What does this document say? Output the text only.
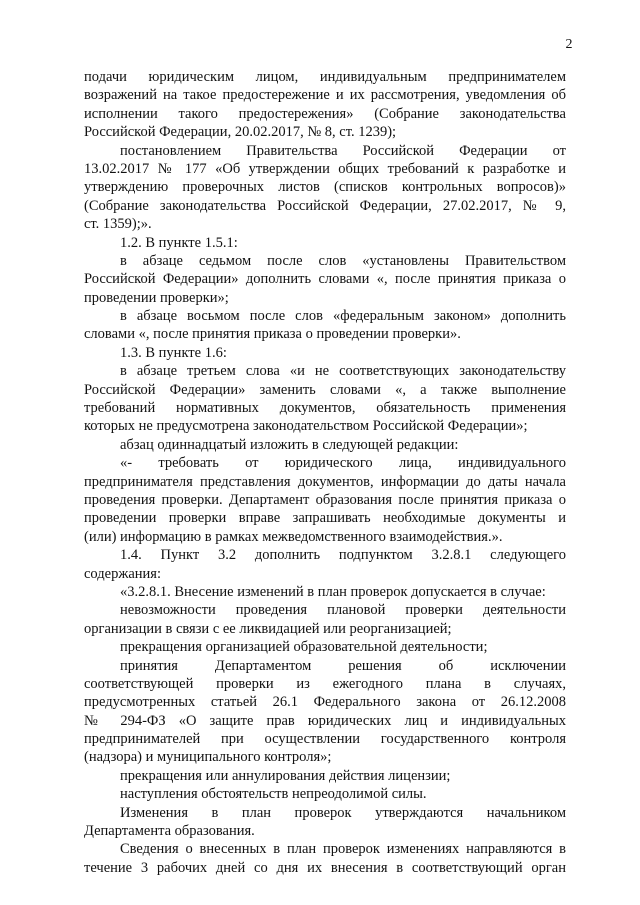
2
подачи юридическим лицом, индивидуальным предпринимателем
возражений на такое предостережение и их рассмотрения, уведомления об
исполнении такого предостережения» (Собрание законодательства
Российской Федерации, 20.02.2017, № 8, ст. 1239);
постановлением Правительства Российской Федерации от
13.02.2017 № 177 «Об утверждении общих требований к разработке и
утверждению проверочных листов (списков контрольных вопросов)»
(Собрание законодательства Российской Федерации, 27.02.2017, № 9,
ст. 1359);».
1.2. В пункте 1.5.1:
в абзаце седьмом после слов «установлены Правительством
Российской Федерации» дополнить словами «, после принятия приказа о
проведении проверки»;
в абзаце восьмом после слов «федеральным законом» дополнить
словами «, после принятия приказа о проведении проверки».
1.3. В пункте 1.6:
в абзаце третьем слова «и не соответствующих законодательству
Российской Федерации» заменить словами «, а также выполнение
требований нормативных документов, обязательность применения
которых не предусмотрена законодательством Российской Федерации»;
абзац одиннадцатый изложить в следующей редакции:
«- требовать от юридического лица, индивидуального
предпринимателя представления документов, информации до даты начала
проведения проверки. Департамент образования после принятия приказа о
проведении проверки вправе запрашивать необходимые документы и
(или) информацию в рамках межведомственного взаимодействия.».
1.4. Пункт 3.2 дополнить подпунктом 3.2.8.1 следующего
содержания:
«3.2.8.1. Внесение изменений в план проверок допускается в случае:
невозможности проведения плановой проверки деятельности
организации в связи с ее ликвидацией или реорганизацией;
прекращения организацией образовательной деятельности;
принятия Департаментом решения об исключении
соответствующей проверки из ежегодного плана в случаях,
предусмотренных статьей 26.1 Федерального закона от 26.12.2008
№ 294-ФЗ «О защите прав юридических лиц и индивидуальных
предпринимателей при осуществлении государственного контроля
(надзора) и муниципального контроля»;
прекращения или аннулирования действия лицензии;
наступления обстоятельств непреодолимой силы.
Изменения в план проверок утверждаются начальником
Департамента образования.
Сведения о внесенных в план проверок изменениях направляются в
течение 3 рабочих дней со дня их внесения в соответствующий орган
